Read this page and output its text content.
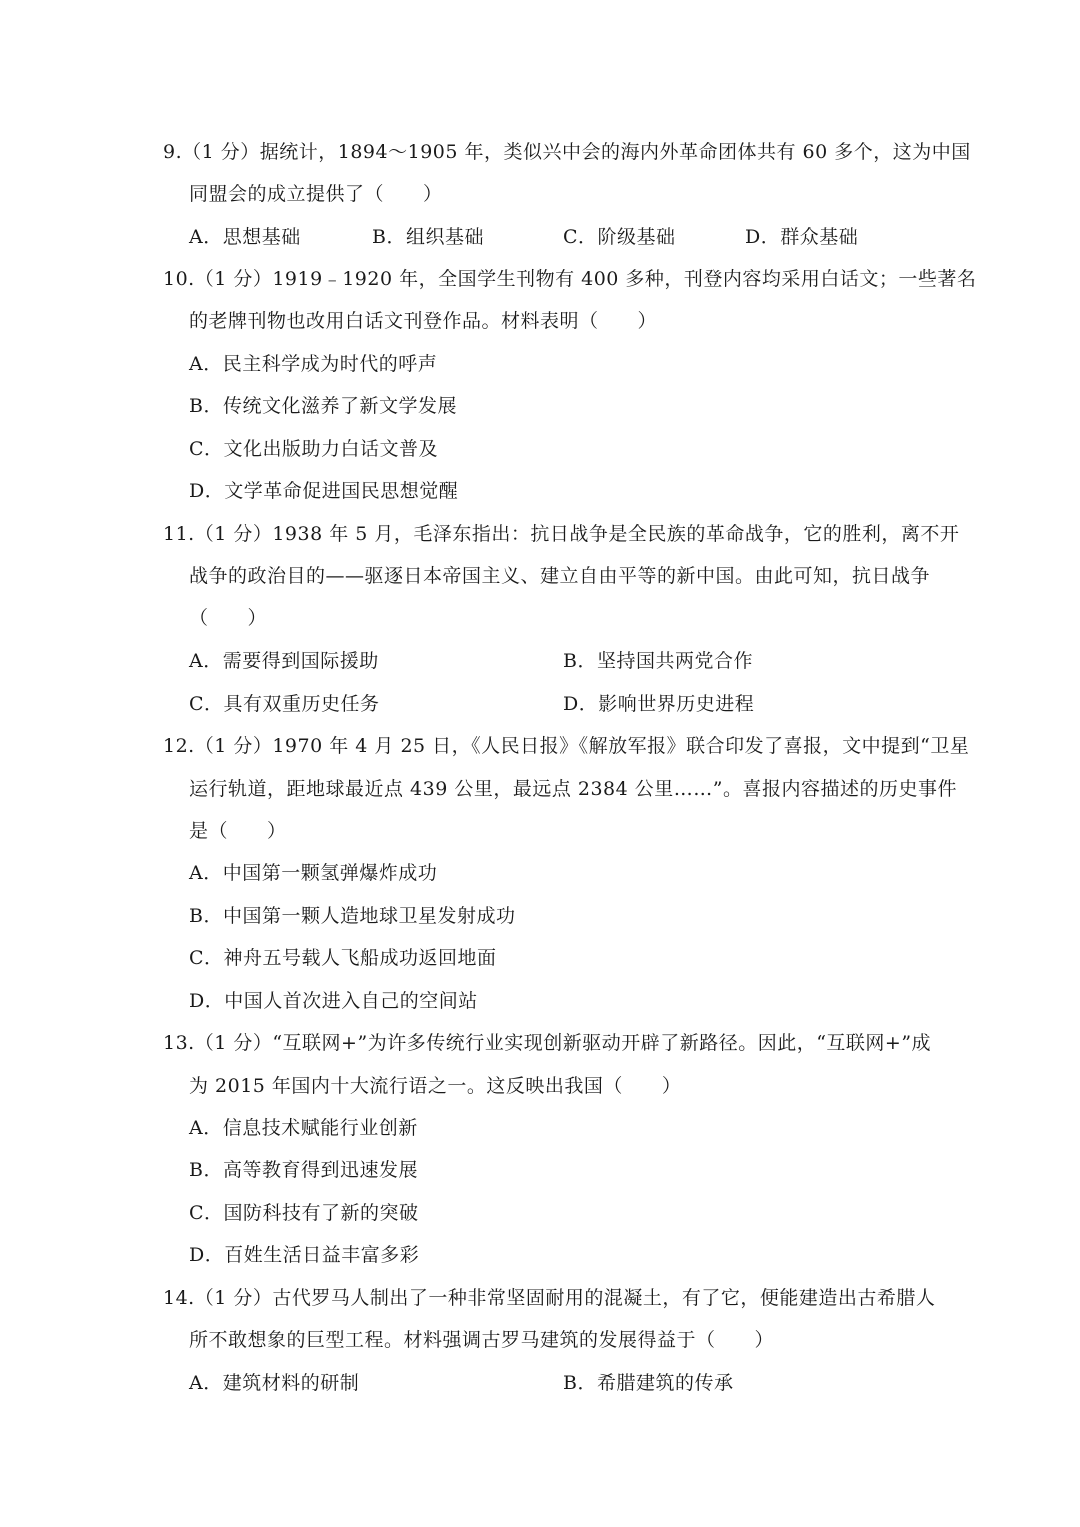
9.（1 分）据统计，1894～1905 年，类似兴中会的海内外革命团体共有 60 多个，这为中国
同盟会的成立提供了（　　）
A．思想基础	B．组织基础	C．阶级基础	D．群众基础
10.（1 分）1919﹣1920 年，全国学生刊物有 400 多种，刊登内容均采用白话文；一些著名
的老牌刊物也改用白话文刊登作品。材料表明（　　）
A．民主科学成为时代的呼声
B．传统文化滋养了新文学发展
C．文化出版助力白话文普及
D．文学革命促进国民思想觉醒
11.（1 分）1938 年 5 月，毛泽东指出：抗日战争是全民族的革命战争，它的胜利，离不开
战争的政治目的——驱逐日本帝国主义、建立自由平等的新中国。由此可知，抗日战争
（　　）
A．需要得到国际援助	B．坚持国共两党合作
C．具有双重历史任务	D．影响世界历史进程
12.（1 分）1970 年 4 月 25 日，《人民日报》《解放军报》联合印发了喜报，文中提到“卫星
运行轨道，距地球最近点 439 公里，最远点 2384 公里……”。喜报内容描述的历史事件
是（　　）
A．中国第一颗氢弹爆炸成功
B．中国第一颗人造地球卫星发射成功
C．神舟五号载人飞船成功返回地面
D．中国人首次进入自己的空间站
13.（1 分）“互联网+”为许多传统行业实现创新驱动开辟了新路径。因此，“互联网+”成
为 2015 年国内十大流行语之一。这反映出我国（　　）
A．信息技术赋能行业创新
B．高等教育得到迅速发展
C．国防科技有了新的突破
D．百姓生活日益丰富多彩
14.（1 分）古代罗马人制出了一种非常坚固耐用的混凝土，有了它，便能建造出古希腊人
所不敢想象的巨型工程。材料强调古罗马建筑的发展得益于（　　）
A．建筑材料的研制	B．希腊建筑的传承
